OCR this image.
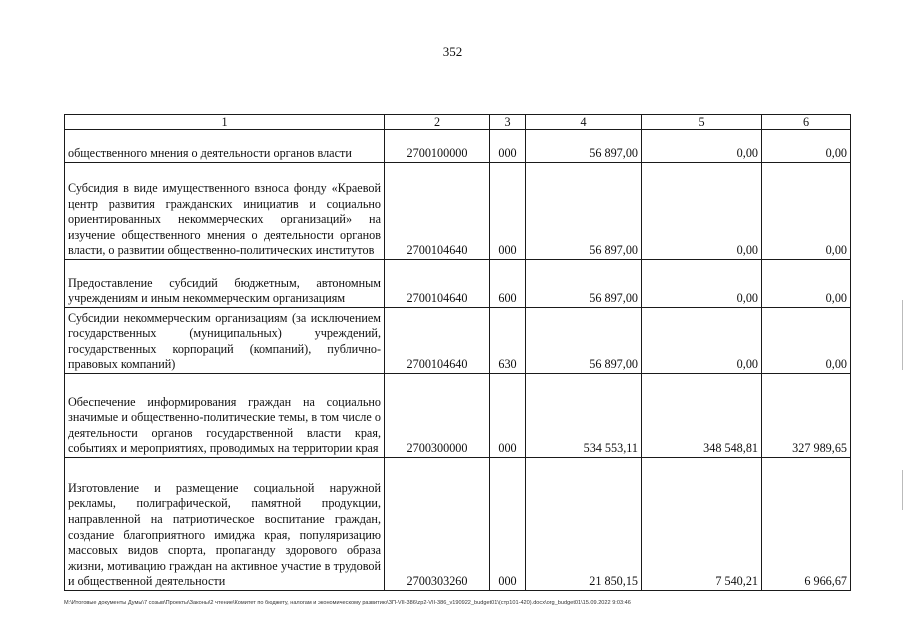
352
1	2	3	4	5	6
общественного мнения о деятельности органов власти	2700100000	000	56 897,00	0,00	0,00
Субсидия в виде имущественного взноса фонду «Краевой центр развития гражданских инициатив и социально ориентированных некоммерческих организаций» на изучение общественного мнения о деятельности органов власти, о развитии общественно-политических институтов	2700104640	000	56 897,00	0,00	0,00
Предоставление субсидий бюджетным, автономным учреждениям и иным некоммерческим организациям	2700104640	600	56 897,00	0,00	0,00
Субсидии некоммерческим организациям (за исключением государственных (муниципальных) учреждений, государственных корпораций (компаний), публично-правовых компаний)	2700104640	630	56 897,00	0,00	0,00
Обеспечение информирования граждан на социально значимые и общественно-политические темы, в том числе о деятельности органов государственной власти края, событиях и мероприятиях, проводимых на территории края	2700300000	000	534 553,11	348 548,81	327 989,65
Изготовление и размещение социальной наружной рекламы, полиграфической, памятной продукции, направленной на патриотическое воспитание граждан, создание благоприятного имиджа края, популяризацию массовых видов спорта, пропаганду здорового образа жизни, мотивацию граждан на активное участие в трудовой и общественной деятельности	2700303260	000	21 850,15	7 540,21	6 966,67
M:\Итоговые документы Думы\7 созыв\Проекты\Законы\2 чтение\Комитет по бюджету, налогам и экономическому развитию\ЗП-VII-386\zp2-VII-386_v190922_budget01\(стр101-420).docx\org_budget01\15.09.2022 9:03:46
